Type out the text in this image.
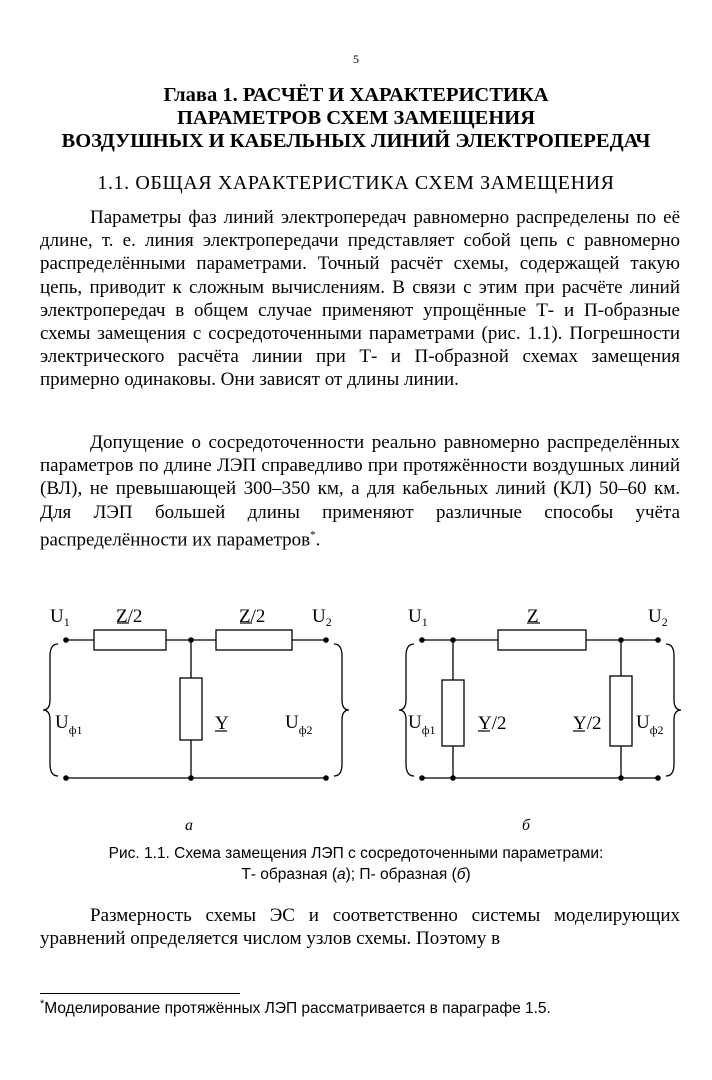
5
Глава 1. РАСЧЁТ И ХАРАКТЕРИСТИКА
ПАРАМЕТРОВ СХЕМ ЗАМЕЩЕНИЯ
ВОЗДУШНЫХ И КАБЕЛЬНЫХ ЛИНИЙ ЭЛЕКТРОПЕРЕДАЧ
1.1. ОБЩАЯ ХАРАКТЕРИСТИКА СХЕМ ЗАМЕЩЕНИЯ

Параметры фаз линий электропередач равномерно распределены по её длине, т. е. линия электропередачи представляет собой цепь с равномерно распределёнными параметрами. Точный расчёт схемы, содержащей такую цепь, приводит к сложным вычислениям. В связи с этим при расчёте линий электропередач в общем случае применяют упрощённые Т- и П-образные схемы замещения с сосредоточенными параметрами (рис. 1.1). Погрешности электрического расчёта линии при Т- и П-образной схемах замещения примерно одинаковы. Они зависят от длины линии.

Допущение о сосредоточенности реально равномерно распределённых параметров по длине ЛЭП справедливо при протяжённости воздушных линий (ВЛ), не превышающей 300–350 км, а для кабельных линий (КЛ) 50–60 км. Для ЛЭП большей длины применяют различные способы учёта распределённости их параметров*.

$U_1$	$U_2$
Z/2	Z/2
Y
$U_{ф1}$	$U_{ф2}$
а
$U_1$	$U_2$
Z
Y/2	Y/2
$U_{ф1}$	$U_{ф2}$
б
Рис. 1.1. Схема замещения ЛЭП с сосредоточенными параметрами:
Т- образная (а); П- образная (б)

Размерность схемы ЭС и соответственно системы моделирующих уравнений определяется числом узлов схемы. Поэтому в

*Моделирование протяжённых ЛЭП рассматривается в параграфе 1.5.
